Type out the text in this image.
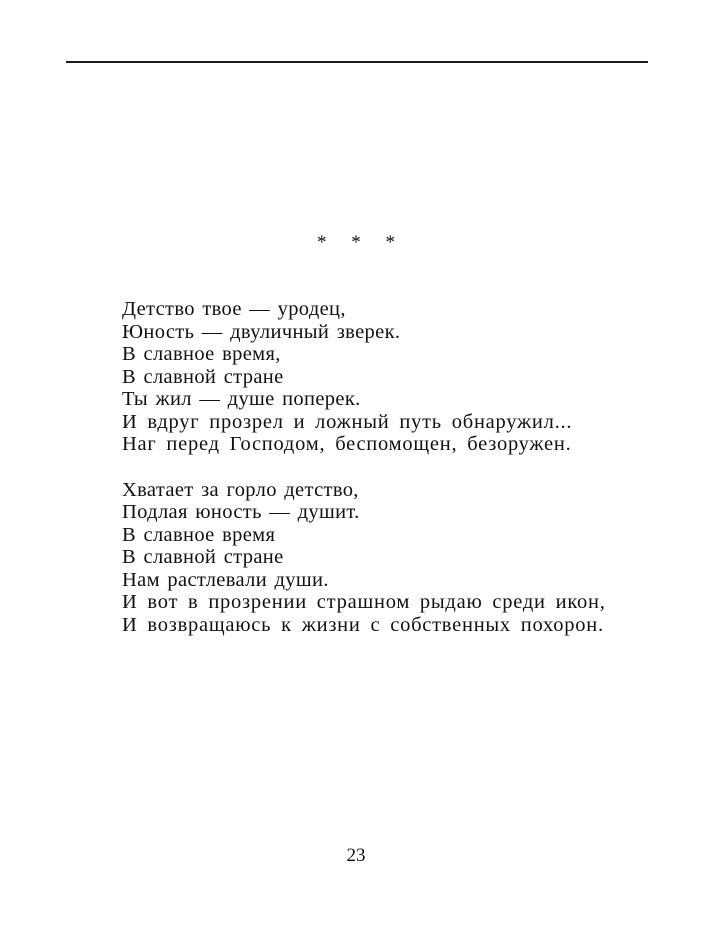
* * *
Детство твое — уродец,
Юность — двуличный зверек.
В славное время,
В славной стране
Ты жил — душе поперек.
И вдруг прозрел и ложный путь обнаружил...
Наг перед Господом, беспомощен, безоружен.
Хватает за горло детство,
Подлая юность — душит.
В славное время
В славной стране
Нам растлевали души.
И вот в прозрении страшном рыдаю среди икон,
И возвращаюсь к жизни с собственных похорон.
23
